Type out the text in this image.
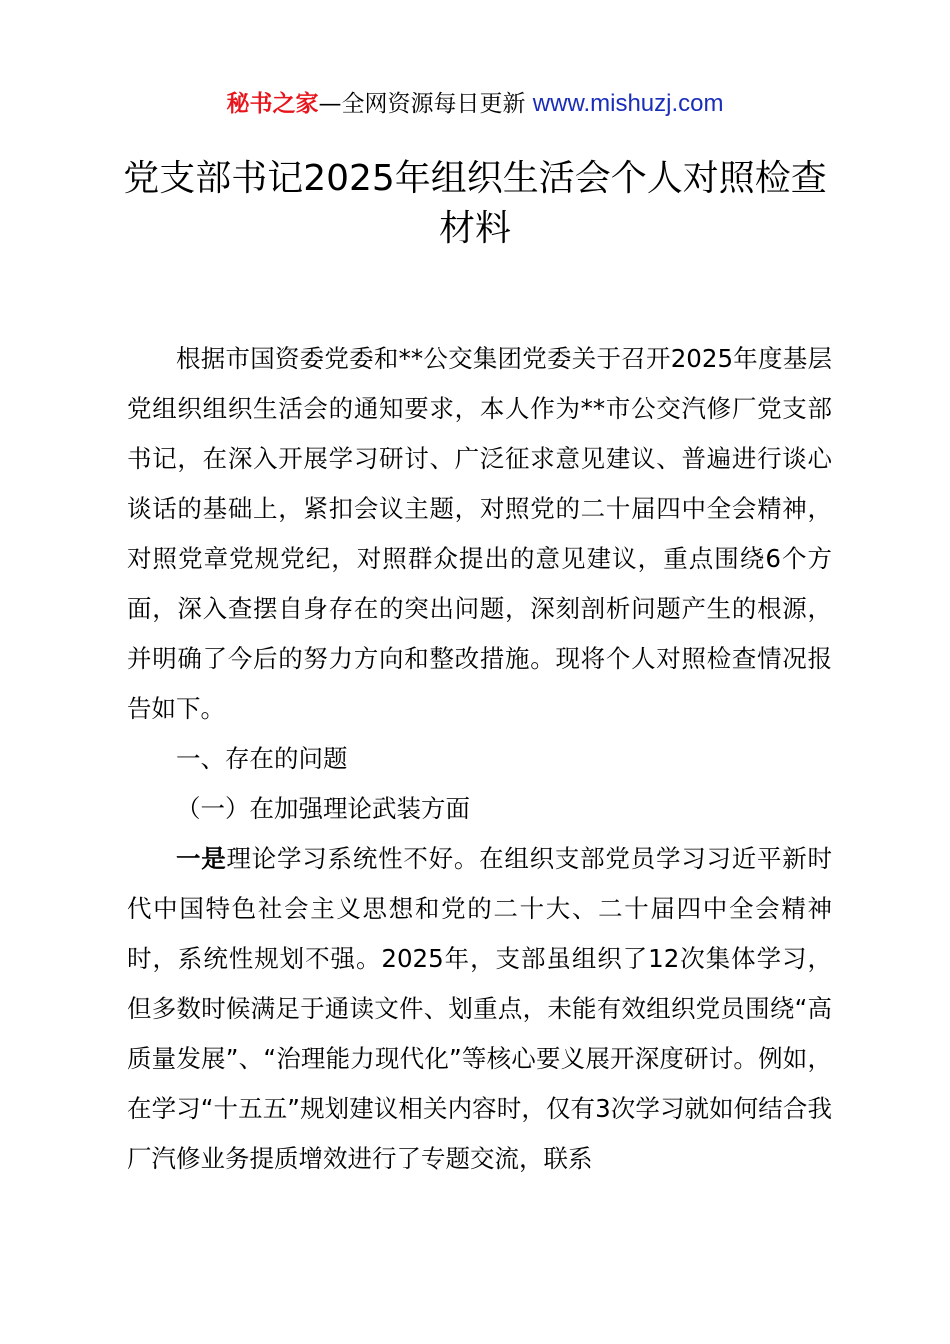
秘书之家—全网资源每日更新 www.mishuzj.com
党支部书记2025年组织生活会个人对照检查材料

根据市国资委党委和**公交集团党委关于召开2025年度基层党组织组织生活会的通知要求，本人作为**市公交汽修厂党支部书记，在深入开展学习研讨、广泛征求意见建议、普遍进行谈心谈话的基础上，紧扣会议主题，对照党的二十届四中全会精神，对照党章党规党纪，对照群众提出的意见建议，重点围绕6个方面，深入查摆自身存在的突出问题，深刻剖析问题产生的根源，并明确了今后的努力方向和整改措施。现将个人对照检查情况报告如下。

一、存在的问题

（一）在加强理论武装方面

一是理论学习系统性不好。在组织支部党员学习习近平新时代中国特色社会主义思想和党的二十大、二十届四中全会精神时，系统性规划不强。2025年，支部虽组织了12次集体学习，但多数时候满足于通读文件、划重点，未能有效组织党员围绕“高质量发展”、“治理能力现代化”等核心要义展开深度研讨。例如，在学习“十五五”规划建议相关内容时，仅有3次学习就如何结合我厂汽修业务提质增效进行了专题交流，联系
